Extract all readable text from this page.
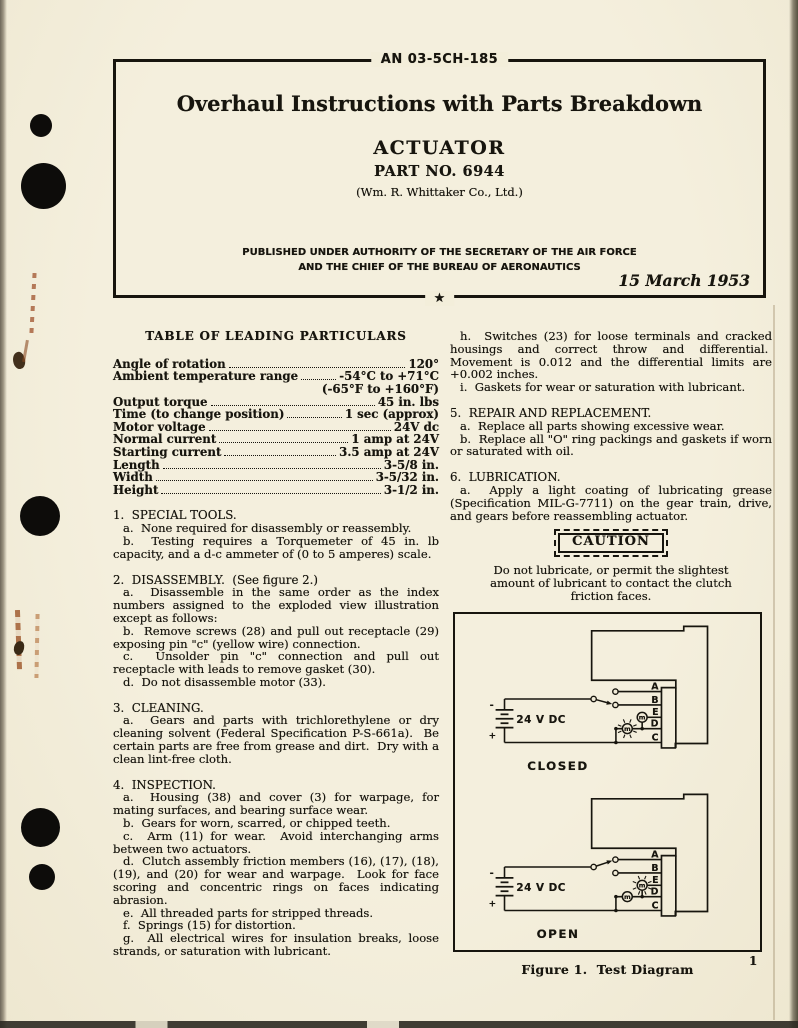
AN 03-5CH-185
Overhaul Instructions with Parts Breakdown
ACTUATOR
PART NO. 6944
(Wm. R. Whittaker Co., Ltd.)
PUBLISHED UNDER AUTHORITY OF THE SECRETARY OF THE AIR FORCE
AND THE CHIEF OF THE BUREAU OF AERONAUTICS
15 March 1953
★
TABLE OF LEADING PARTICULARS
Angle of rotation	120°
Ambient temperature range	-54°C to +71°C
(-65°F to +160°F)
Output torque	45 in. lbs
Time (to change position)	1 sec (approx)
Motor voltage	24V dc
Normal current	1 amp at 24V
Starting current	3.5 amp at 24V
Length	3-5/8 in.
Width	3-5/32 in.
Height	3-1/2 in.
1.  SPECIAL TOOLS.

a.  None required for disassembly or reassembly.

b.  Testing requires a Torquemeter of 45 in. lb capacity, and a d-c ammeter of (0 to 5 amperes) scale.

2.  DISASSEMBLY.  (See figure 2.)

a.  Disassemble in the same order as the index numbers assigned to the exploded view illustration except as follows:

b.  Remove screws (28) and pull out receptacle (29) exposing pin "c" (yellow wire) connection.

c.  Unsolder pin "c" connection and pull out receptacle with leads to remove gasket (30).

d.  Do not disassemble motor (33).

3.  CLEANING.

a.  Gears and parts with trichlorethylene or dry cleaning solvent (Federal Specification P-S-661a).  Be certain parts are free from grease and dirt.  Dry with a clean lint-free cloth.

4.  INSPECTION.

a.  Housing (38) and cover (3) for warpage, for mating surfaces, and bearing surface wear.

b.  Gears for worn, scarred, or chipped teeth.

c.  Arm (11) for wear.  Avoid interchanging arms between two actuators.

d.  Clutch assembly friction members (16), (17), (18), (19), and (20) for wear and warpage.  Look for face scoring and concentric rings on faces indicating abrasion.

e.  All threaded parts for stripped threads.

f.  Springs (15) for distortion.

g.  All electrical wires for insulation breaks, loose strands, or saturation with lubricant.

h.  Switches (23) for loose terminals and cracked housings and correct throw and differential.  Movement is 0.012 and the differential limits are +0.002 inches.

i.  Gaskets for wear or saturation with lubricant.

5.  REPAIR AND REPLACEMENT.

a.  Replace all parts showing excessive wear.

b.  Replace all "O" ring packings and gaskets if worn or saturated with oil.

6.  LUBRICATION.

a.  Apply a light coating of lubricating grease (Specification MIL-G-7711) on the gear train, drive, and gears before reassembling actuator.

CAUTION
Do not lubricate, or permit the slightest amount of lubricant to contact the clutch friction faces.
-
+
m
m
A
B
E
D
C
24 V DC
CLOSED
-
+
m
m
A
B
E
D
C
24 V DC
OPEN
Figure 1.  Test Diagram
1
